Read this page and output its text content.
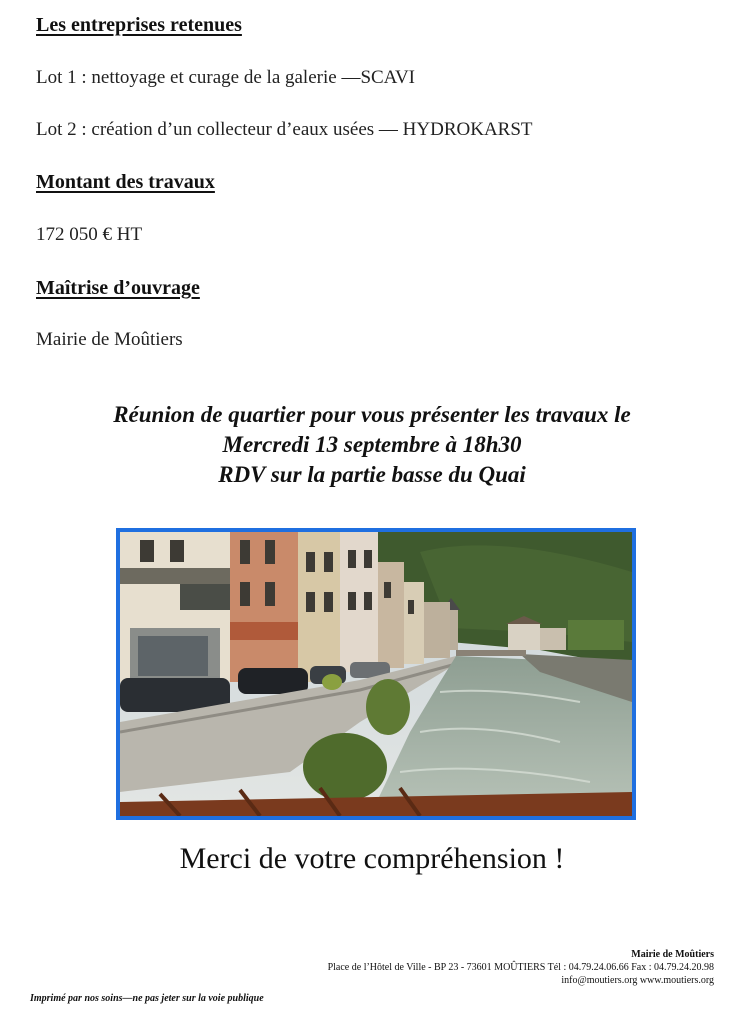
Les entreprises retenues
Lot 1 : nettoyage et curage de la galerie —SCAVI
Lot 2 : création d’un collecteur d’eaux usées — HYDROKARST
Montant des travaux
172 050 € HT
Maîtrise d’ouvrage
Mairie de Moûtiers
Réunion de quartier pour vous présenter les travaux le
Mercredi 13 septembre à 18h30
RDV sur la partie basse du Quai
Merci de votre compréhension !
Mairie de Moûtiers
Place de l’Hôtel de Ville - BP 23 - 73601 MOÛTIERS Tél : 04.79.24.06.66 Fax : 04.79.24.20.98
info@moutiers.org www.moutiers.org
Imprimé par nos soins—ne pas jeter sur la voie publique
